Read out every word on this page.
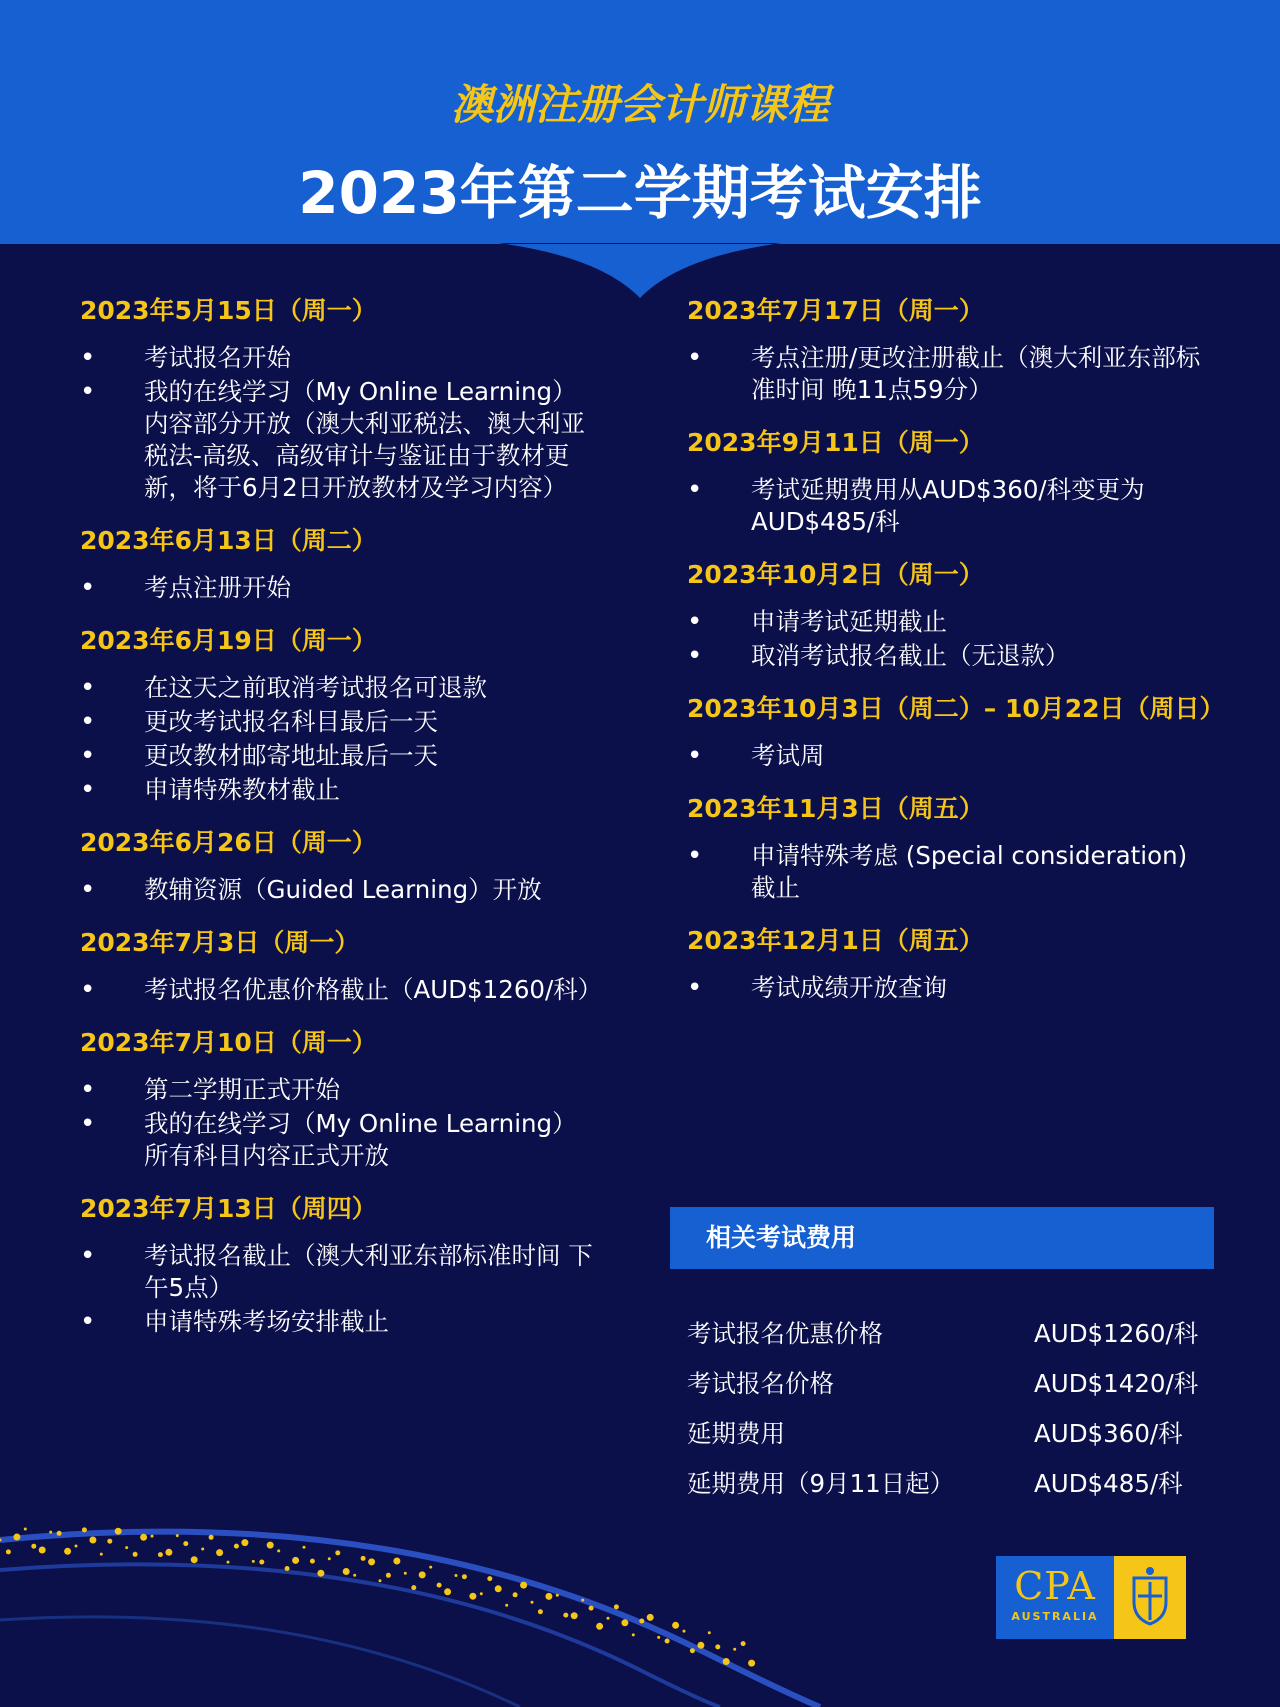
澳洲注册会计师课程
2023年第二学期考试安排
2023年5月15日（周一）
• 考试报名开始
• 我的在线学习（My Online Learning）内容部分开放（澳大利亚税法、澳大利亚税法-高级、高级审计与鉴证由于教材更新，将于6月2日开放教材及学习内容）
2023年6月13日（周二）
• 考点注册开始
2023年6月19日（周一）
• 在这天之前取消考试报名可退款
• 更改考试报名科目最后一天
• 更改教材邮寄地址最后一天
• 申请特殊教材截止
2023年6月26日（周一）
• 教辅资源（Guided Learning）开放
2023年7月3日（周一）
• 考试报名优惠价格截止（AUD$1260/科）
2023年7月10日（周一）
• 第二学期正式开始
• 我的在线学习（My Online Learning）所有科目内容正式开放
2023年7月13日（周四）
• 考试报名截止（澳大利亚东部标准时间 下午5点）
• 申请特殊考场安排截止
2023年7月17日（周一）
• 考点注册/更改注册截止（澳大利亚东部标准时间 晚11点59分）
2023年9月11日（周一）
• 考试延期费用从AUD$360/科变更为AUD$485/科
2023年10月2日（周一）
• 申请考试延期截止
• 取消考试报名截止（无退款）
2023年10月3日（周二）– 10月22日（周日）
• 考试周
2023年11月3日（周五）
• 申请特殊考虑 (Special consideration) 截止
2023年12月1日（周五）
• 考试成绩开放查询
相关考试费用
考试报名优惠价格	AUD$1260/科
考试报名价格	AUD$1420/科
延期费用	AUD$360/科
延期费用（9月11日起）	AUD$485/科
CPA
AUSTRALIA
